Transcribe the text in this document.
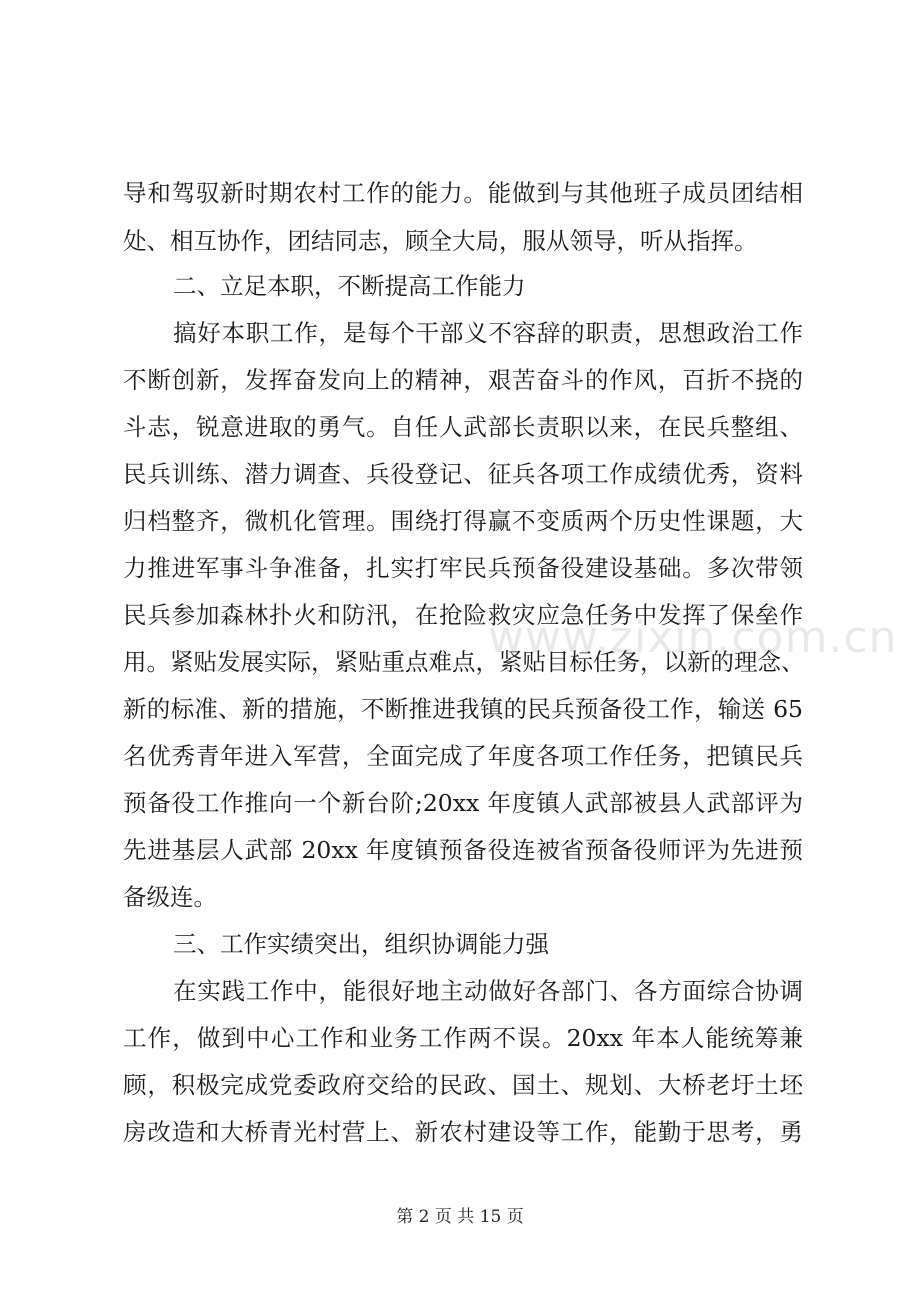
导和驾驭新时期农村工作的能力。能做到与其他班子成员团结相
处、相互协作，团结同志，顾全大局，服从领导，听从指挥。
二、立足本职，不断提高工作能力
搞好本职工作，是每个干部义不容辞的职责，思想政治工作
不断创新，发挥奋发向上的精神，艰苦奋斗的作风，百折不挠的
斗志，锐意进取的勇气。自任人武部长责职以来，在民兵整组、
民兵训练、潜力调查、兵役登记、征兵各项工作成绩优秀，资料
归档整齐，微机化管理。围绕打得赢不变质两个历史性课题，大
力推进军事斗争准备，扎实打牢民兵预备役建设基础。多次带领
民兵参加森林扑火和防汛，在抢险救灾应急任务中发挥了保垒作
用。紧贴发展实际，紧贴重点难点，紧贴目标任务，以新的理念、
新的标准、新的措施，不断推进我镇的民兵预备役工作，输送 65
名优秀青年进入军营，全面完成了年度各项工作任务，把镇民兵
预备役工作推向一个新台阶;20xx 年度镇人武部被县人武部评为
先进基层人武部 20xx 年度镇预备役连被省预备役师评为先进预
备级连。
三、工作实绩突出，组织协调能力强
在实践工作中，能很好地主动做好各部门、各方面综合协调
工作，做到中心工作和业务工作两不误。20xx 年本人能统筹兼
顾，积极完成党委政府交给的民政、国土、规划、大桥老圩土坯
房改造和大桥青光村营上、新农村建设等工作，能勤于思考，勇
www.zixin.com.cn
第 2 页 共 15 页
